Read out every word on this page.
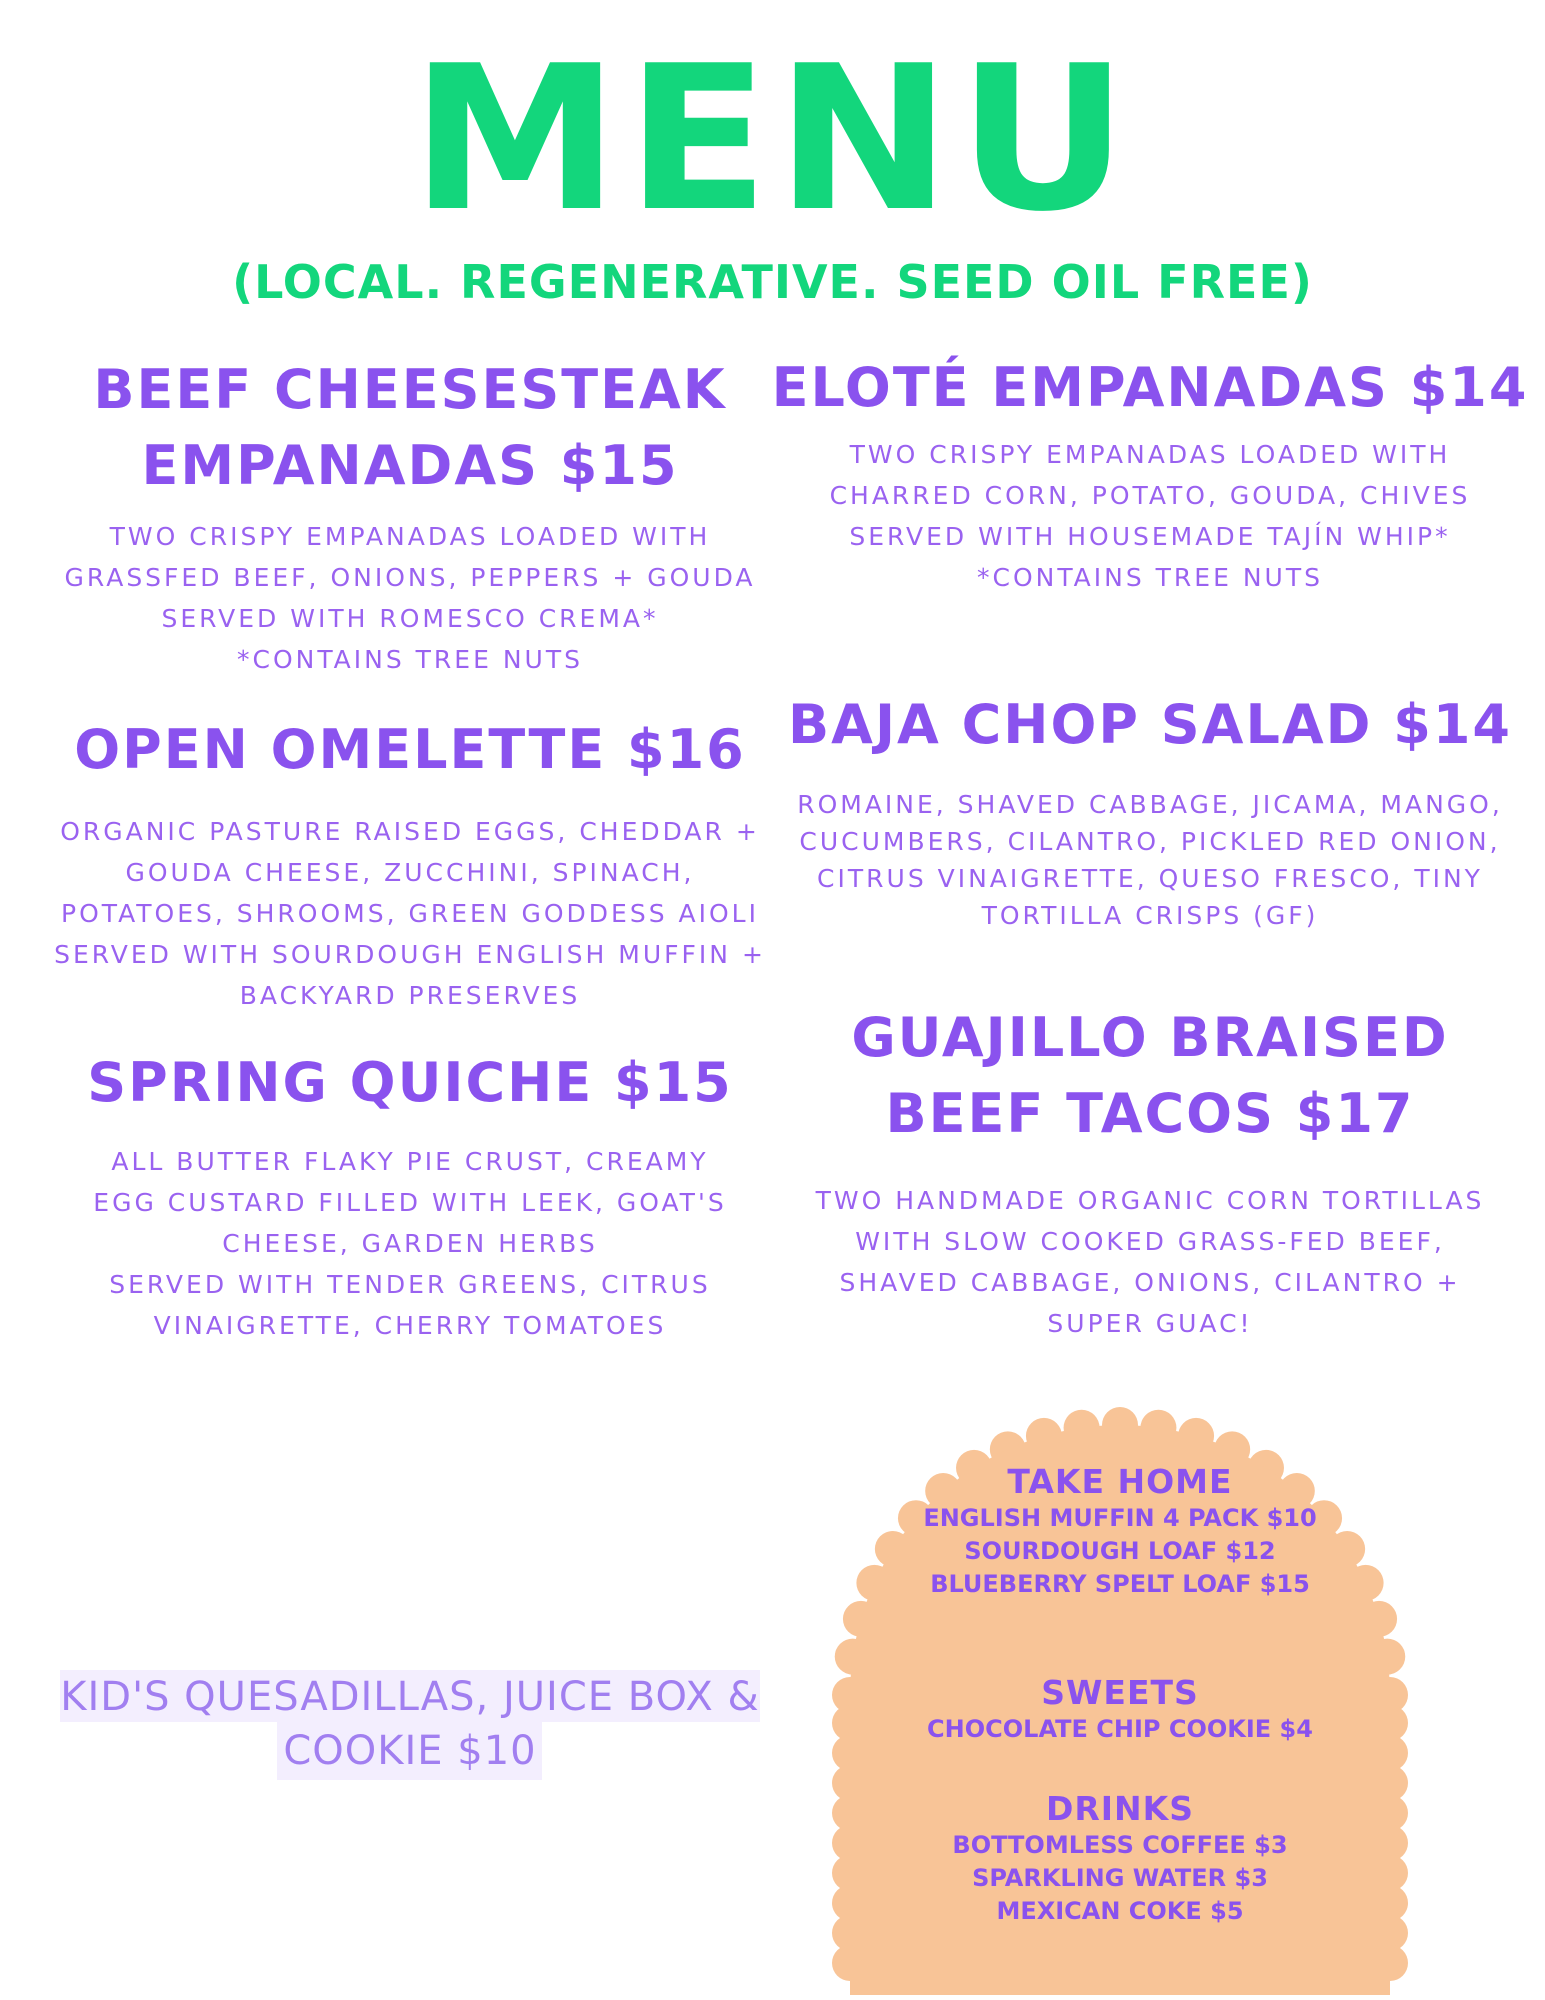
MENU
(LOCAL. REGENERATIVE. SEED OIL FREE)
BEEF CHEESESTEAK
EMPANADAS $15
TWO CRISPY EMPANADAS LOADED WITH
GRASSFED BEEF, ONIONS, PEPPERS + GOUDA
SERVED WITH ROMESCO CREMA*
*CONTAINS TREE NUTS
OPEN OMELETTE $16
ORGANIC PASTURE RAISED EGGS, CHEDDAR +
GOUDA CHEESE, ZUCCHINI, SPINACH,
POTATOES, SHROOMS, GREEN GODDESS AIOLI
SERVED WITH SOURDOUGH ENGLISH MUFFIN +
BACKYARD PRESERVES
SPRING QUICHE $15
ALL BUTTER FLAKY PIE CRUST, CREAMY
EGG CUSTARD FILLED WITH LEEK, GOAT'S
CHEESE, GARDEN HERBS
SERVED WITH TENDER GREENS, CITRUS
VINAIGRETTE, CHERRY TOMATOES
ELOTÉ EMPANADAS $14
TWO CRISPY EMPANADAS LOADED WITH
CHARRED CORN, POTATO, GOUDA, CHIVES
SERVED WITH HOUSEMADE TAJÍN WHIP*
*CONTAINS TREE NUTS
BAJA CHOP SALAD $14
ROMAINE, SHAVED CABBAGE, JICAMA, MANGO,
CUCUMBERS, CILANTRO, PICKLED RED ONION,
CITRUS VINAIGRETTE, QUESO FRESCO, TINY
TORTILLA CRISPS (GF)
GUAJILLO BRAISED
BEEF TACOS $17
TWO HANDMADE ORGANIC CORN TORTILLAS
WITH SLOW COOKED GRASS-FED BEEF,
SHAVED CABBAGE, ONIONS, CILANTRO +
SUPER GUAC!
KID'S QUESADILLAS, JUICE BOX &
COOKIE $10
TAKE HOME
ENGLISH MUFFIN 4 PACK $10
SOURDOUGH LOAF $12
BLUEBERRY SPELT LOAF $15
SWEETS
CHOCOLATE CHIP COOKIE $4
DRINKS
BOTTOMLESS COFFEE $3
SPARKLING WATER $3
MEXICAN COKE $5
